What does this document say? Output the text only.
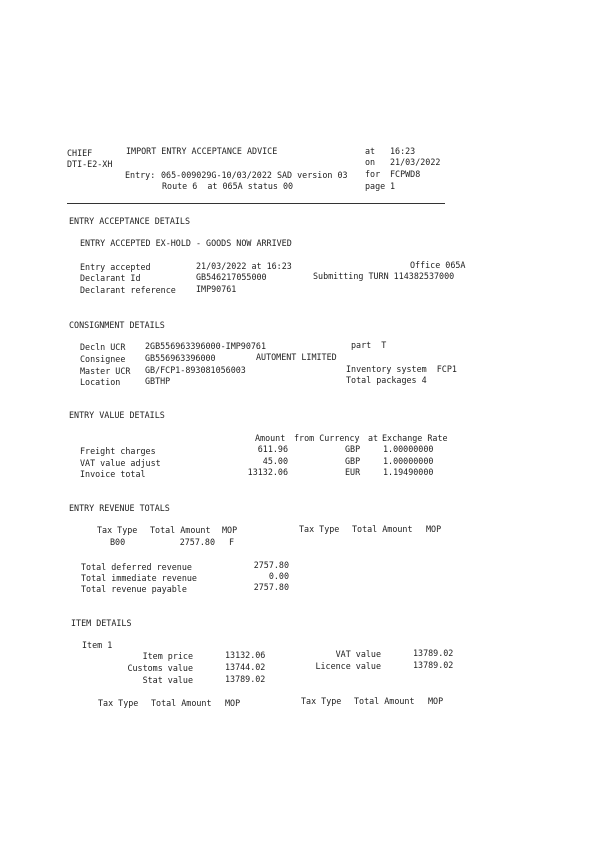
CHIEF
DTI-E2-XH
IMPORT ENTRY ACCEPTANCE ADVICE
Entry: 065-009029G-10/03/2022 SAD version 03
Route 6  at 065A status 00
at 16:23
on 21/03/2022
for FCPWD8
page 1
ENTRY ACCEPTANCE DETAILS
ENTRY ACCEPTED EX-HOLD - GOODS NOW ARRIVED
Entry accepted	21/03/2022 at 16:23	Office 065A
Declarant Id	GB546217055000	Submitting TURN 114382537000
Declarant reference IMP90761
CONSIGNMENT DETAILS
Decln UCR 2GB556963396000-IMP90761	part  T
Consignee GB556963396000	AUTOMENT LIMITED
Master UCR GB/FCP1-893081056003	Inventory system  FCP1
Location	GBTHP	Total packages 4
ENTRY VALUE DETAILS
Amount from Currency at Exchange Rate
Freight charges	611.96	GBP	1.00000000
VAT value adjust	45.00	GBP	1.00000000
Invoice total	13132.06	EUR	1.19490000
ENTRY REVENUE TOTALS
Tax Type Total Amount MOP	Tax Type Total Amount MOP
B00	2757.80 F
Total deferred revenue	2757.80
Total immediate revenue	0.00
Total revenue payable	2757.80
ITEM DETAILS
Item 1
Item price	13132.06	VAT value	13789.02
Customs value	13744.02	Licence value	13789.02
Stat value	13789.02
Tax Type Total Amount MOP	Tax Type Total Amount MOP
